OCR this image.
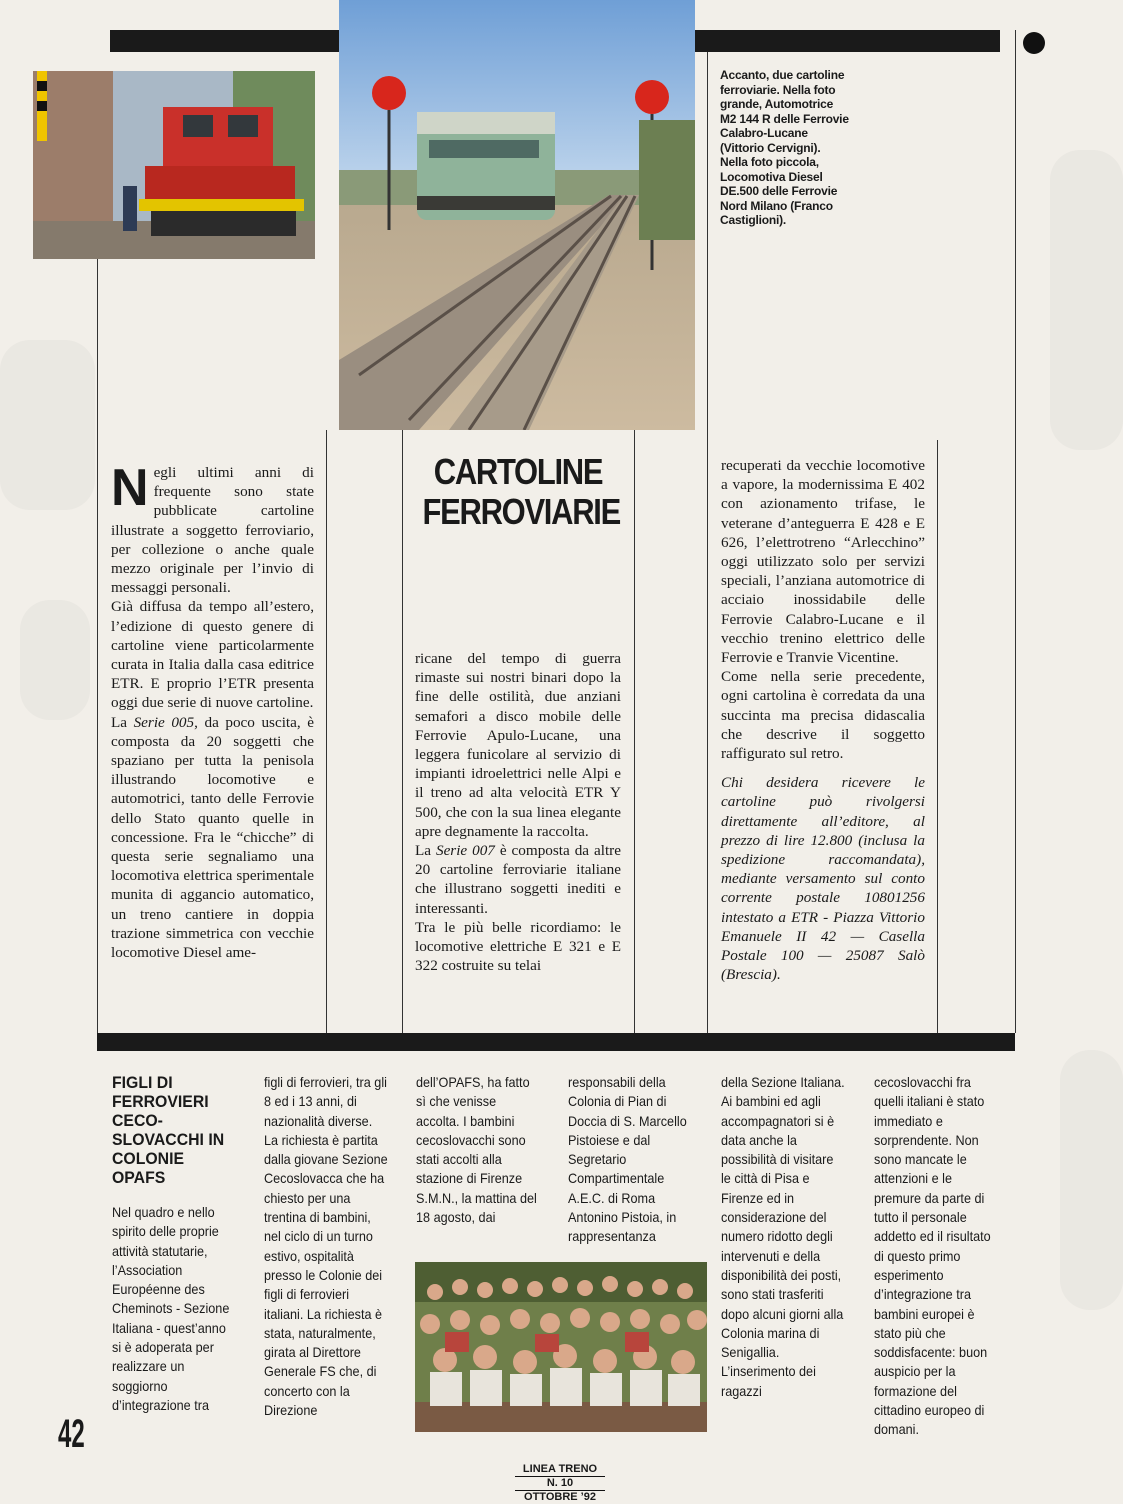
Automotrice M2 144 R
Locomotiva Diesel DE.500
Accanto, due cartoline ferroviarie. Nella foto grande, Automotrice M2 144 R delle Ferrovie Calabro-Lucane (Vittorio Cervigni). Nella foto piccola, Locomotiva Diesel DE.500 delle Ferrovie Nord Milano (Franco Castiglioni).
CARTOLINE
FERROVIARIE

Negli ultimi anni di frequente sono state pubblicate cartoline illustrate a soggetto ferroviario, per collezione o anche quale mezzo originale per l’invio di messaggi personali.

Già diffusa da tempo all’estero, l’edizione di questo genere di cartoline viene particolarmente curata in Italia dalla casa editrice ETR. E proprio l’ETR presenta oggi due serie di nuove cartoline.

La Serie 005, da poco uscita, è composta da 20 soggetti che spaziano per tutta la penisola illustrando locomotive e automotrici, tanto delle Ferrovie dello Stato quanto quelle in concessione. Fra le “chicche” di questa serie segnaliamo una locomotiva elettrica sperimentale munita di aggancio automatico, un treno cantiere in doppia trazione simmetrica con vecchie locomotive Diesel ame-

ricane del tempo di guerra rimaste sui nostri binari dopo la fine delle ostilità, due anziani semafori a disco mobile delle Ferrovie Apulo-Lucane, una leggera funicolare al servizio di impianti idroelettrici nelle Alpi e il treno ad alta velocità ETR Y 500, che con la sua linea elegante apre degnamente la raccolta.

La Serie 007 è composta da altre 20 cartoline ferroviarie italiane che illustrano soggetti inediti e interessanti.

Tra le più belle ricordiamo: le locomotive elettriche E 321 e E 322 costruite su telai

recuperati da vecchie locomotive a vapore, la modernissima E 402 con azionamento trifase, le veterane d’anteguerra E 428 e E 626, l’elettrotreno “Arlecchino” oggi utilizzato solo per servizi speciali, l’anziana automotrice di acciaio inossidabile delle Ferrovie Calabro-Lucane e il vecchio trenino elettrico delle Ferrovie e Tranvie Vicentine.

Come nella serie precedente, ogni cartolina è corredata da una succinta ma precisa didascalia che descrive il soggetto raffigurato sul retro.

Chi desidera ricevere le cartoline può rivolgersi direttamente all’editore, al prezzo di lire 12.800 (inclusa la spedizione raccomandata), mediante versamento sul conto corrente postale 10801256 intestato a ETR - Piazza Vittorio Emanuele II 42 — Casella Postale 100 — 25087 Salò (Brescia).

FIGLI DI FERROVIERI CECO-SLOVACCHI IN COLONIE OPAFS

Nel quadro e nello spirito delle proprie attività statutarie, l’Association Européenne des Cheminots - Sezione Italiana - quest’anno si è adoperata per realizzare un soggiorno d’integrazione tra

figli di ferrovieri, tra gli 8 ed i 13 anni, di nazionalità diverse. La richiesta è partita dalla giovane Sezione Cecoslovacca che ha chiesto per una trentina di bambini, nel ciclo di un turno estivo, ospitalità presso le Colonie dei figli di ferrovieri italiani. La richiesta è stata, naturalmente, girata al Direttore Generale FS che, di concerto con la Direzione

dell’OPAFS, ha fatto sì che venisse accolta. I bambini cecoslovacchi sono stati accolti alla stazione di Firenze S.M.N., la mattina del 18 agosto, dai

responsabili della Colonia di Pian di Doccia di S. Marcello Pistoiese e dal Segretario Compartimentale A.E.C. di Roma Antonino Pistoia, in rappresentanza

della Sezione Italiana. Ai bambini ed agli accompagnatori si è data anche la possibilità di visitare le città di Pisa e Firenze ed in considerazione del numero ridotto degli intervenuti e della disponibilità dei posti, sono stati trasferiti dopo alcuni giorni alla Colonia marina di Senigallia. L’inserimento dei ragazzi

cecoslovacchi fra quelli italiani è stato immediato e sorprendente. Non sono mancate le attenzioni e le premure da parte di tutto il personale addetto ed il risultato di questo primo esperimento d’integrazione tra bambini europei è stato più che soddisfacente: buon auspicio per la formazione del cittadino europeo di domani.

Bambini cecoslovacchi
42
LINEA TRENO
N. 10
OTTOBRE ’92
